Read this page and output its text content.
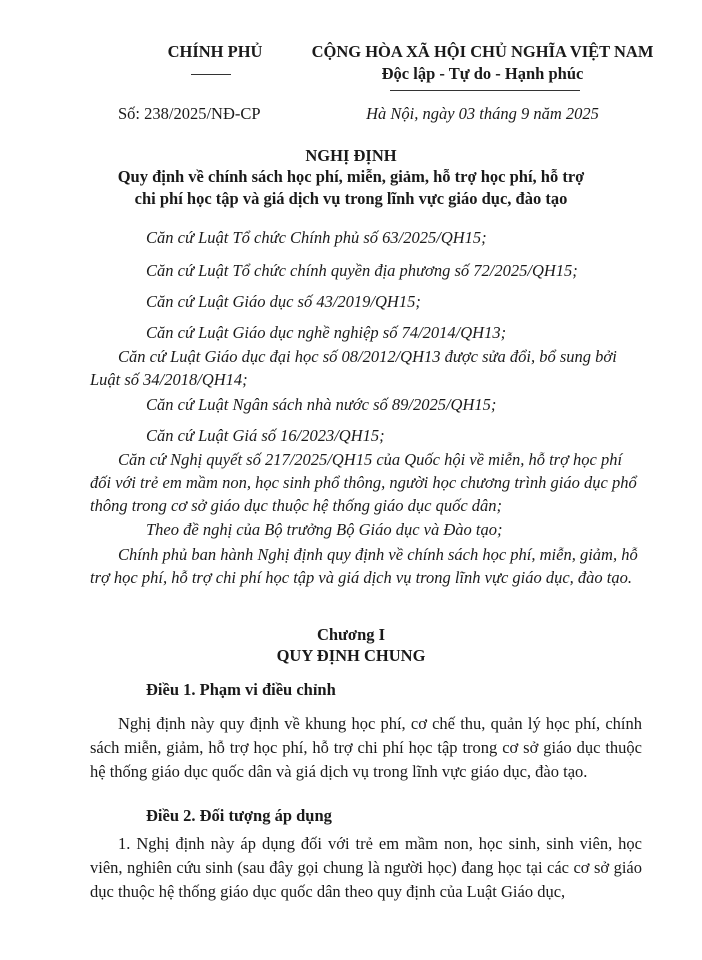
CHÍNH PHỦ	CỘNG HÒA XÃ HỘI CHỦ NGHĨA VIỆT NAM
Độc lập - Tự do - Hạnh phúc
Số: 238/2025/NĐ-CP	Hà Nội, ngày 03 tháng 9 năm 2025
NGHỊ ĐỊNH
Quy định về chính sách học phí, miễn, giảm, hỗ trợ học phí, hỗ trợ
chi phí học tập và giá dịch vụ trong lĩnh vực giáo dục, đào tạo
Căn cứ Luật Tổ chức Chính phủ số 63/2025/QH15;
Căn cứ Luật Tổ chức chính quyền địa phương số 72/2025/QH15;
Căn cứ Luật Giáo dục số 43/2019/QH15;
Căn cứ Luật Giáo dục nghề nghiệp số 74/2014/QH13;
Căn cứ Luật Giáo dục đại học số 08/2012/QH13 được sửa đổi, bổ sung bởi Luật số 34/2018/QH14;
Căn cứ Luật Ngân sách nhà nước số 89/2025/QH15;
Căn cứ Luật Giá số 16/2023/QH15;
Căn cứ Nghị quyết số 217/2025/QH15 của Quốc hội về miễn, hỗ trợ học phí đối với trẻ em mầm non, học sinh phổ thông, người học chương trình giáo dục phổ thông trong cơ sở giáo dục thuộc hệ thống giáo dục quốc dân;
Theo đề nghị của Bộ trưởng Bộ Giáo dục và Đào tạo;
Chính phủ ban hành Nghị định quy định về chính sách học phí, miễn, giảm, hỗ trợ học phí, hỗ trợ chi phí học tập và giá dịch vụ trong lĩnh vực giáo dục, đào tạo.
Chương I
QUY ĐỊNH CHUNG
Điều 1. Phạm vi điều chỉnh
Nghị định này quy định về khung học phí, cơ chế thu, quản lý học phí, chính sách miễn, giảm, hỗ trợ học phí, hỗ trợ chi phí học tập trong cơ sở giáo dục thuộc hệ thống giáo dục quốc dân và giá dịch vụ trong lĩnh vực giáo dục, đào tạo.
Điều 2. Đối tượng áp dụng
1. Nghị định này áp dụng đối với trẻ em mầm non, học sinh, sinh viên, học viên, nghiên cứu sinh (sau đây gọi chung là người học) đang học tại các cơ sở giáo dục thuộc hệ thống giáo dục quốc dân theo quy định của Luật Giáo dục,
